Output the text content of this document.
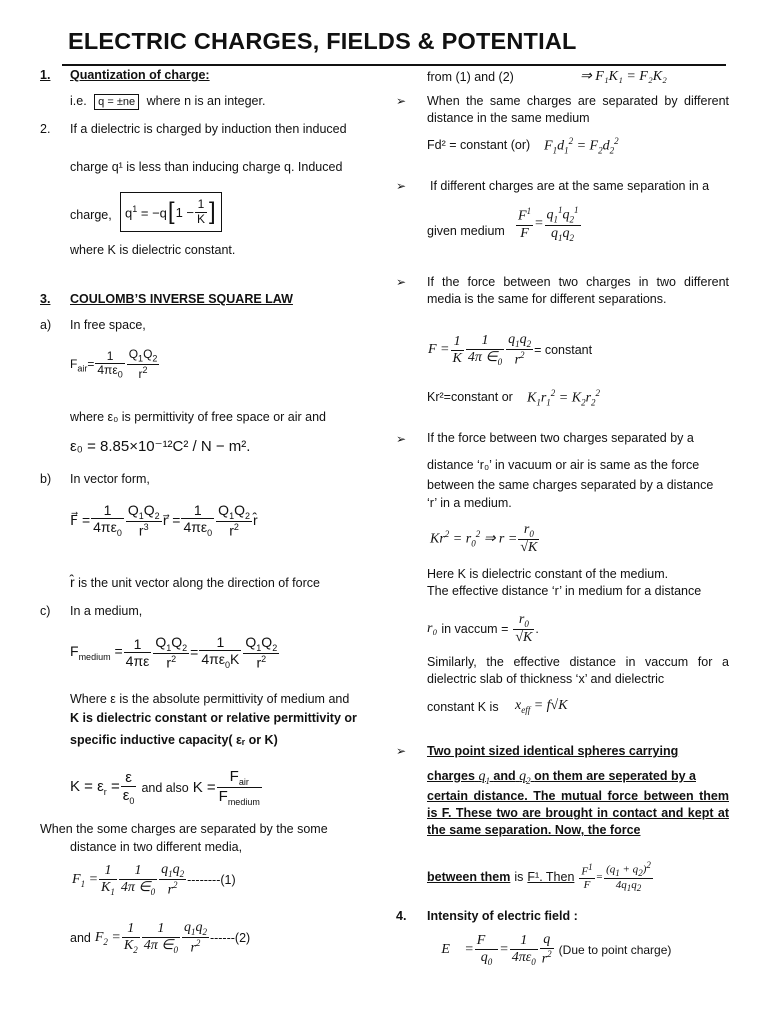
ELECTRIC CHARGES, FIELDS & POTENTIAL
1. Quantization of charge:
i.e. q = ±ne where n is an integer.
2. If a dielectric is charged by induction then induced
charge q¹ is less than inducing charge q. Induced
charge, $q^1 = -q$ [ $1 - \frac{1}{K}$ ]
where K is dielectric constant.
3. COULOMB’S INVERSE SQUARE LAW
a) In free space,
$F_{air}= \frac{1}{4\pi\varepsilon_0} \frac{Q_1Q_2}{r^2}$
where ε₀ is permittivity of free space or air and
ε₀ = 8.85×10⁻¹²C² / N − m².
b) In vector form,
F⃗ = $\frac{1}{4\pi\varepsilon_0} \frac{Q_1Q_2}{r^3}$ r⃗ = $\frac{1}{4\pi\varepsilon_0} \frac{Q_1Q_2}{r^2}$ r̂
r̂ is the unit vector along the direction of force
c) In a medium,
$F_{medium} = \frac{1}{4\pi\varepsilon} \frac{Q_1Q_2}{r^2} = \frac{1}{4\pi\varepsilon_0K} \frac{Q_1Q_2}{r^2}$
Where ε is the absolute permittivity of medium and
K is dielectric constant or relative permittivity or
specific inductive capacity( εᵣ or K)
$K = \varepsilon_r = \frac{\varepsilon}{\varepsilon_0}$ and also $K = \frac{F_{air}}{F_{medium}}$
When the some charges are separated by the some
distance in two different media,
$F_1 = \frac{1}{K_1} \frac{1}{4\pi \in_0} \frac{q_1q_2}{r^2} --------(1)$
and $F_2 = \frac{1}{K_2} \frac{1}{4\pi \in_0} \frac{q_1q_2}{r^2} ------(2)$
from (1) and (2)	⇒ F₁K₁ = F₂K₂
➢ When the same charges are separated by different distance in the same medium
Fd² = constant (or) $F_1d_1^2 = F_2d_2^2$
➢ If different charges are at the same separation in a
given medium $\frac{F^1}{F} = \frac{q_1^1q_2^1}{q_1q_2}$
➢ If the force between two charges in two different media is the same for different separations.
$F = \frac{1}{K} \frac{1}{4\pi \in_0} \frac{q_1q_2}{r^2}$ = constant
Kr²=constant or $K_1r_1^2 = K_2r_2^2$
➢ If the force between two charges separated by a
distance ‘r₀’ in vacuum or air is same as the force
between the same charges separated by a distance
‘r’ in a medium.
$Kr^2 = r_0^2$ ⇒ $r = \frac{r_0}{√K}$
Here K is dielectric constant of the medium.
The effective distance ‘r’ in medium for a distance
r₀ in vaccum = $\frac{r_0}{√K}$ .
Similarly, the effective distance in vaccum for a dielectric slab of thickness ‘x’ and dielectric
constant K is $x_{eff} = f√K$
➢ Two point sized identical spheres carrying
charges $q_1$ and $q_2$ on them are seperated by a
certain distance. The mutual force between them is F. These two are brought in contact and kept at the same separation. Now, the force
between them is F¹. Then $\frac{F^1}{F} = \frac{(q_1 + q_2)^2}{4q_1q_2}$
4. Intensity of electric field :
∴ E⃗ = $\frac{F⃗}{q_0} = \frac{1}{4\pi\varepsilon_0} \frac{q}{r^2} (Due$ to point charge)
